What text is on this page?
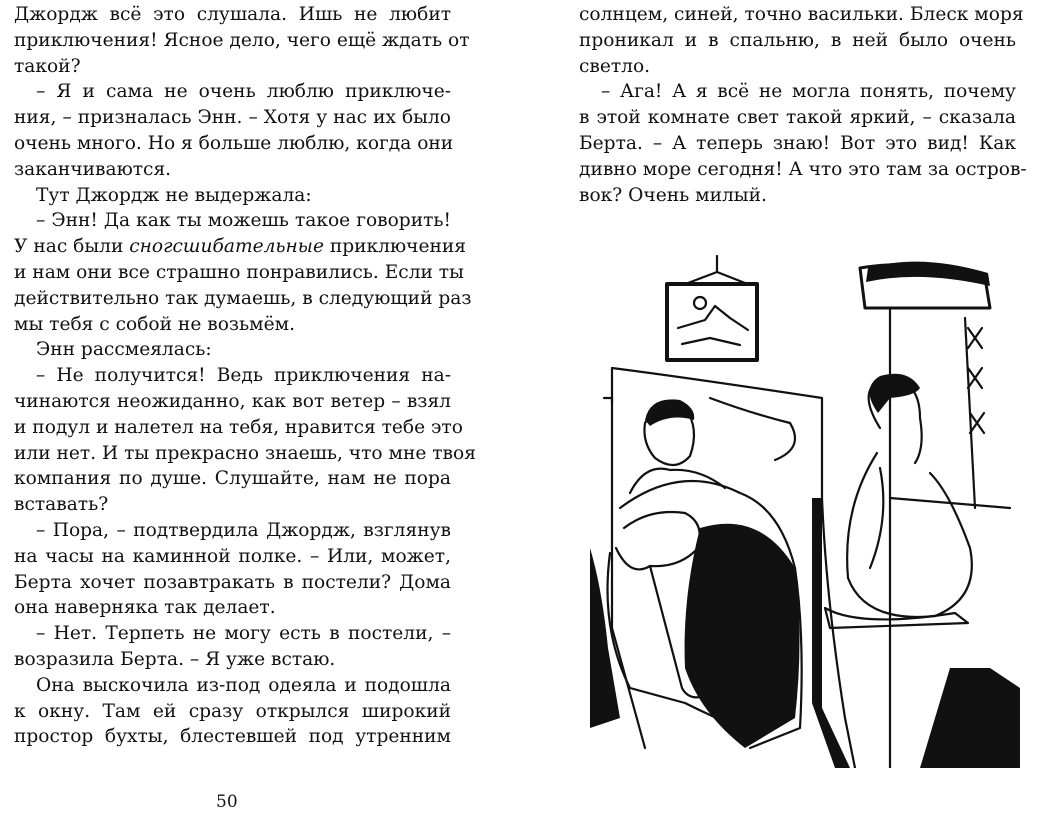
Джордж всё это слушала. Ишь не любит
приключения! Ясное дело, чего ещё ждать от
такой?
– Я и сама не очень люблю приключе-
ния, – призналась Энн. – Хотя у нас их было
очень много. Но я больше люблю, когда они
заканчиваются.
Тут Джордж не выдержала:
– Энн! Да как ты можешь такое говорить!
У нас были сногсшибательные приключения
и нам они все страшно понравились. Если ты
действительно так думаешь, в следующий раз
мы тебя с собой не возьмём.
Энн рассмеялась:
– Не получится! Ведь приключения на-
чинаются неожиданно, как вот ветер – взял
и подул и налетел на тебя, нравится тебе это
или нет. И ты прекрасно знаешь, что мне твоя
компания по душе. Слушайте, нам не пора
вставать?
– Пора, – подтвердила Джордж, взглянув
на часы на каминной полке. – Или, может,
Берта хочет позавтракать в постели? Дома
она наверняка так делает.
– Нет. Терпеть не могу есть в постели, –
возразила Берта. – Я уже встаю.
Она выскочила из-под одеяла и подошла
к окну. Там ей сразу открылся широкий
простор бухты, блестевшей под утренним
солнцем, синей, точно васильки. Блеск моря
проникал и в спальню, в ней было очень
светло.
– Ага! А я всё не могла понять, почему
в этой комнате свет такой яркий, – сказала
Берта. – А теперь знаю! Вот это вид! Как
дивно море сегодня! А что это там за остров-
вок? Очень милый.
50
